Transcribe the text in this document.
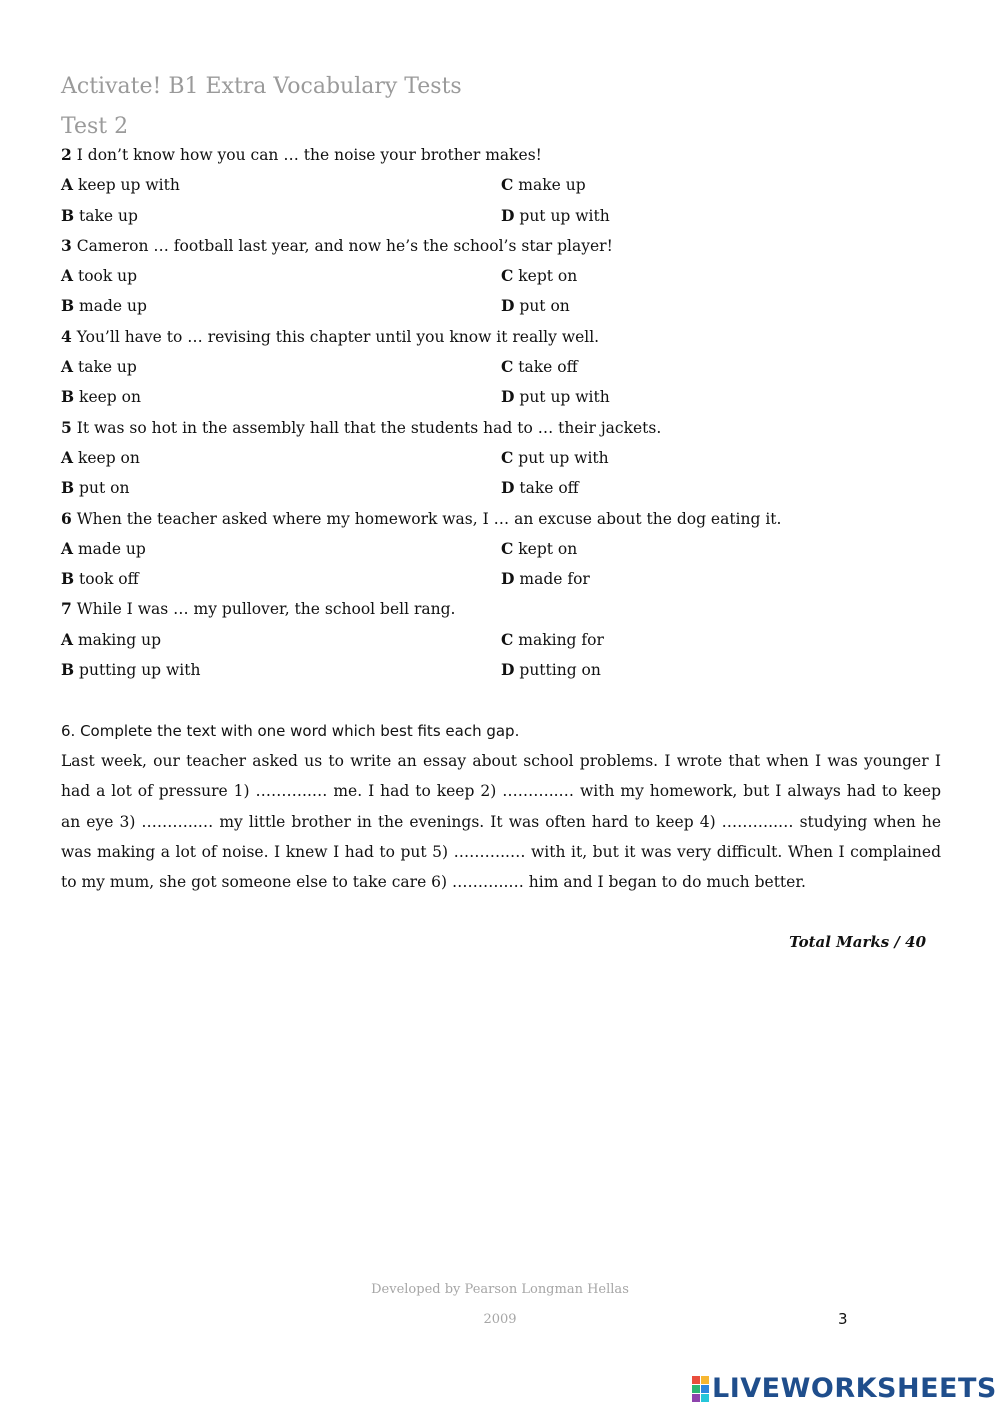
Activate! B1 Extra Vocabulary Tests
Test 2
2 I don’t know how you can … the noise your brother makes!
A keep up with	C make up
B take up	D put up with
3 Cameron … football last year, and now he’s the school’s star player!
A took up	C kept on
B made up	D put on
4 You’ll have to … revising this chapter until you know it really well.
A take up	C take off
B keep on	D put up with
5 It was so hot in the assembly hall that the students had to … their jackets.
A keep on	C put up with
B put on	D take off
6 When the teacher asked where my homework was, I … an excuse about the dog eating it.
A made up	C kept on
B took off	D made for
7 While I was … my pullover, the school bell rang.
A making up	C making for
B putting up with	D putting on
6. Complete the text with one word which best fits each gap.
Last week, our teacher asked us to write an essay about school problems. I wrote that when I was younger I had a lot of pressure 1) ………..… me. I had to keep 2) ………..… with my homework, but I always had to keep an eye 3) ………..… my little brother in the evenings. It was often hard to keep 4) ………..… studying when he was making a lot of noise. I knew I had to put 5) ………..… with it, but it was very difficult. When I complained to my mum, she got someone else to take care 6) ………..… him and I began to do much better.
Total Marks / 40
Developed by Pearson Longman Hellas
2009	3
LIVEWORKSHEETS
